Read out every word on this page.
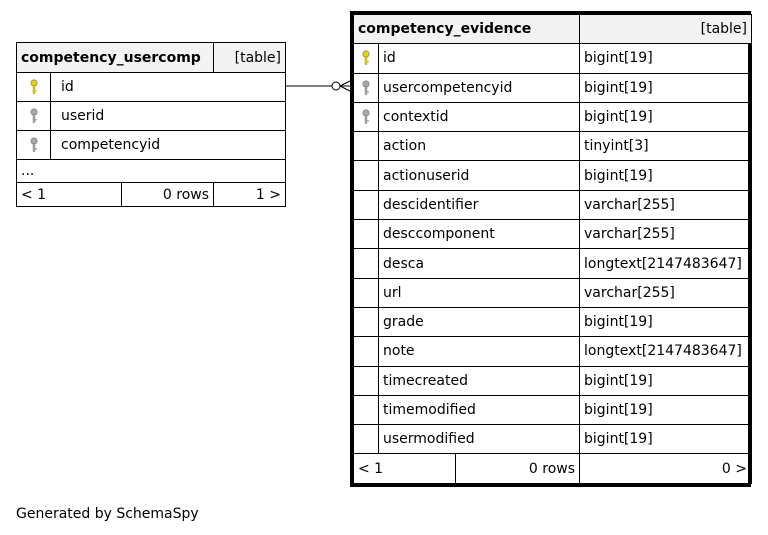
competency_usercomp			[table]

	id		

	userid		

	competencyid		
...			
< 1		0 rows	1 >
competency_evidence			[table]

	id		bigint[19]

	usercompetencyid		bigint[19]

	contextid		bigint[19]
	action		tinyint[3]
	actionuserid		bigint[19]
	descidentifier		varchar[255]
	desccomponent		varchar[255]
	desca		longtext[2147483647]
	url		varchar[255]
	grade		bigint[19]
	note		longtext[2147483647]
	timecreated		bigint[19]
	timemodified		bigint[19]
	usermodified		bigint[19]
< 1		0 rows	0 >
Generated by SchemaSpy
